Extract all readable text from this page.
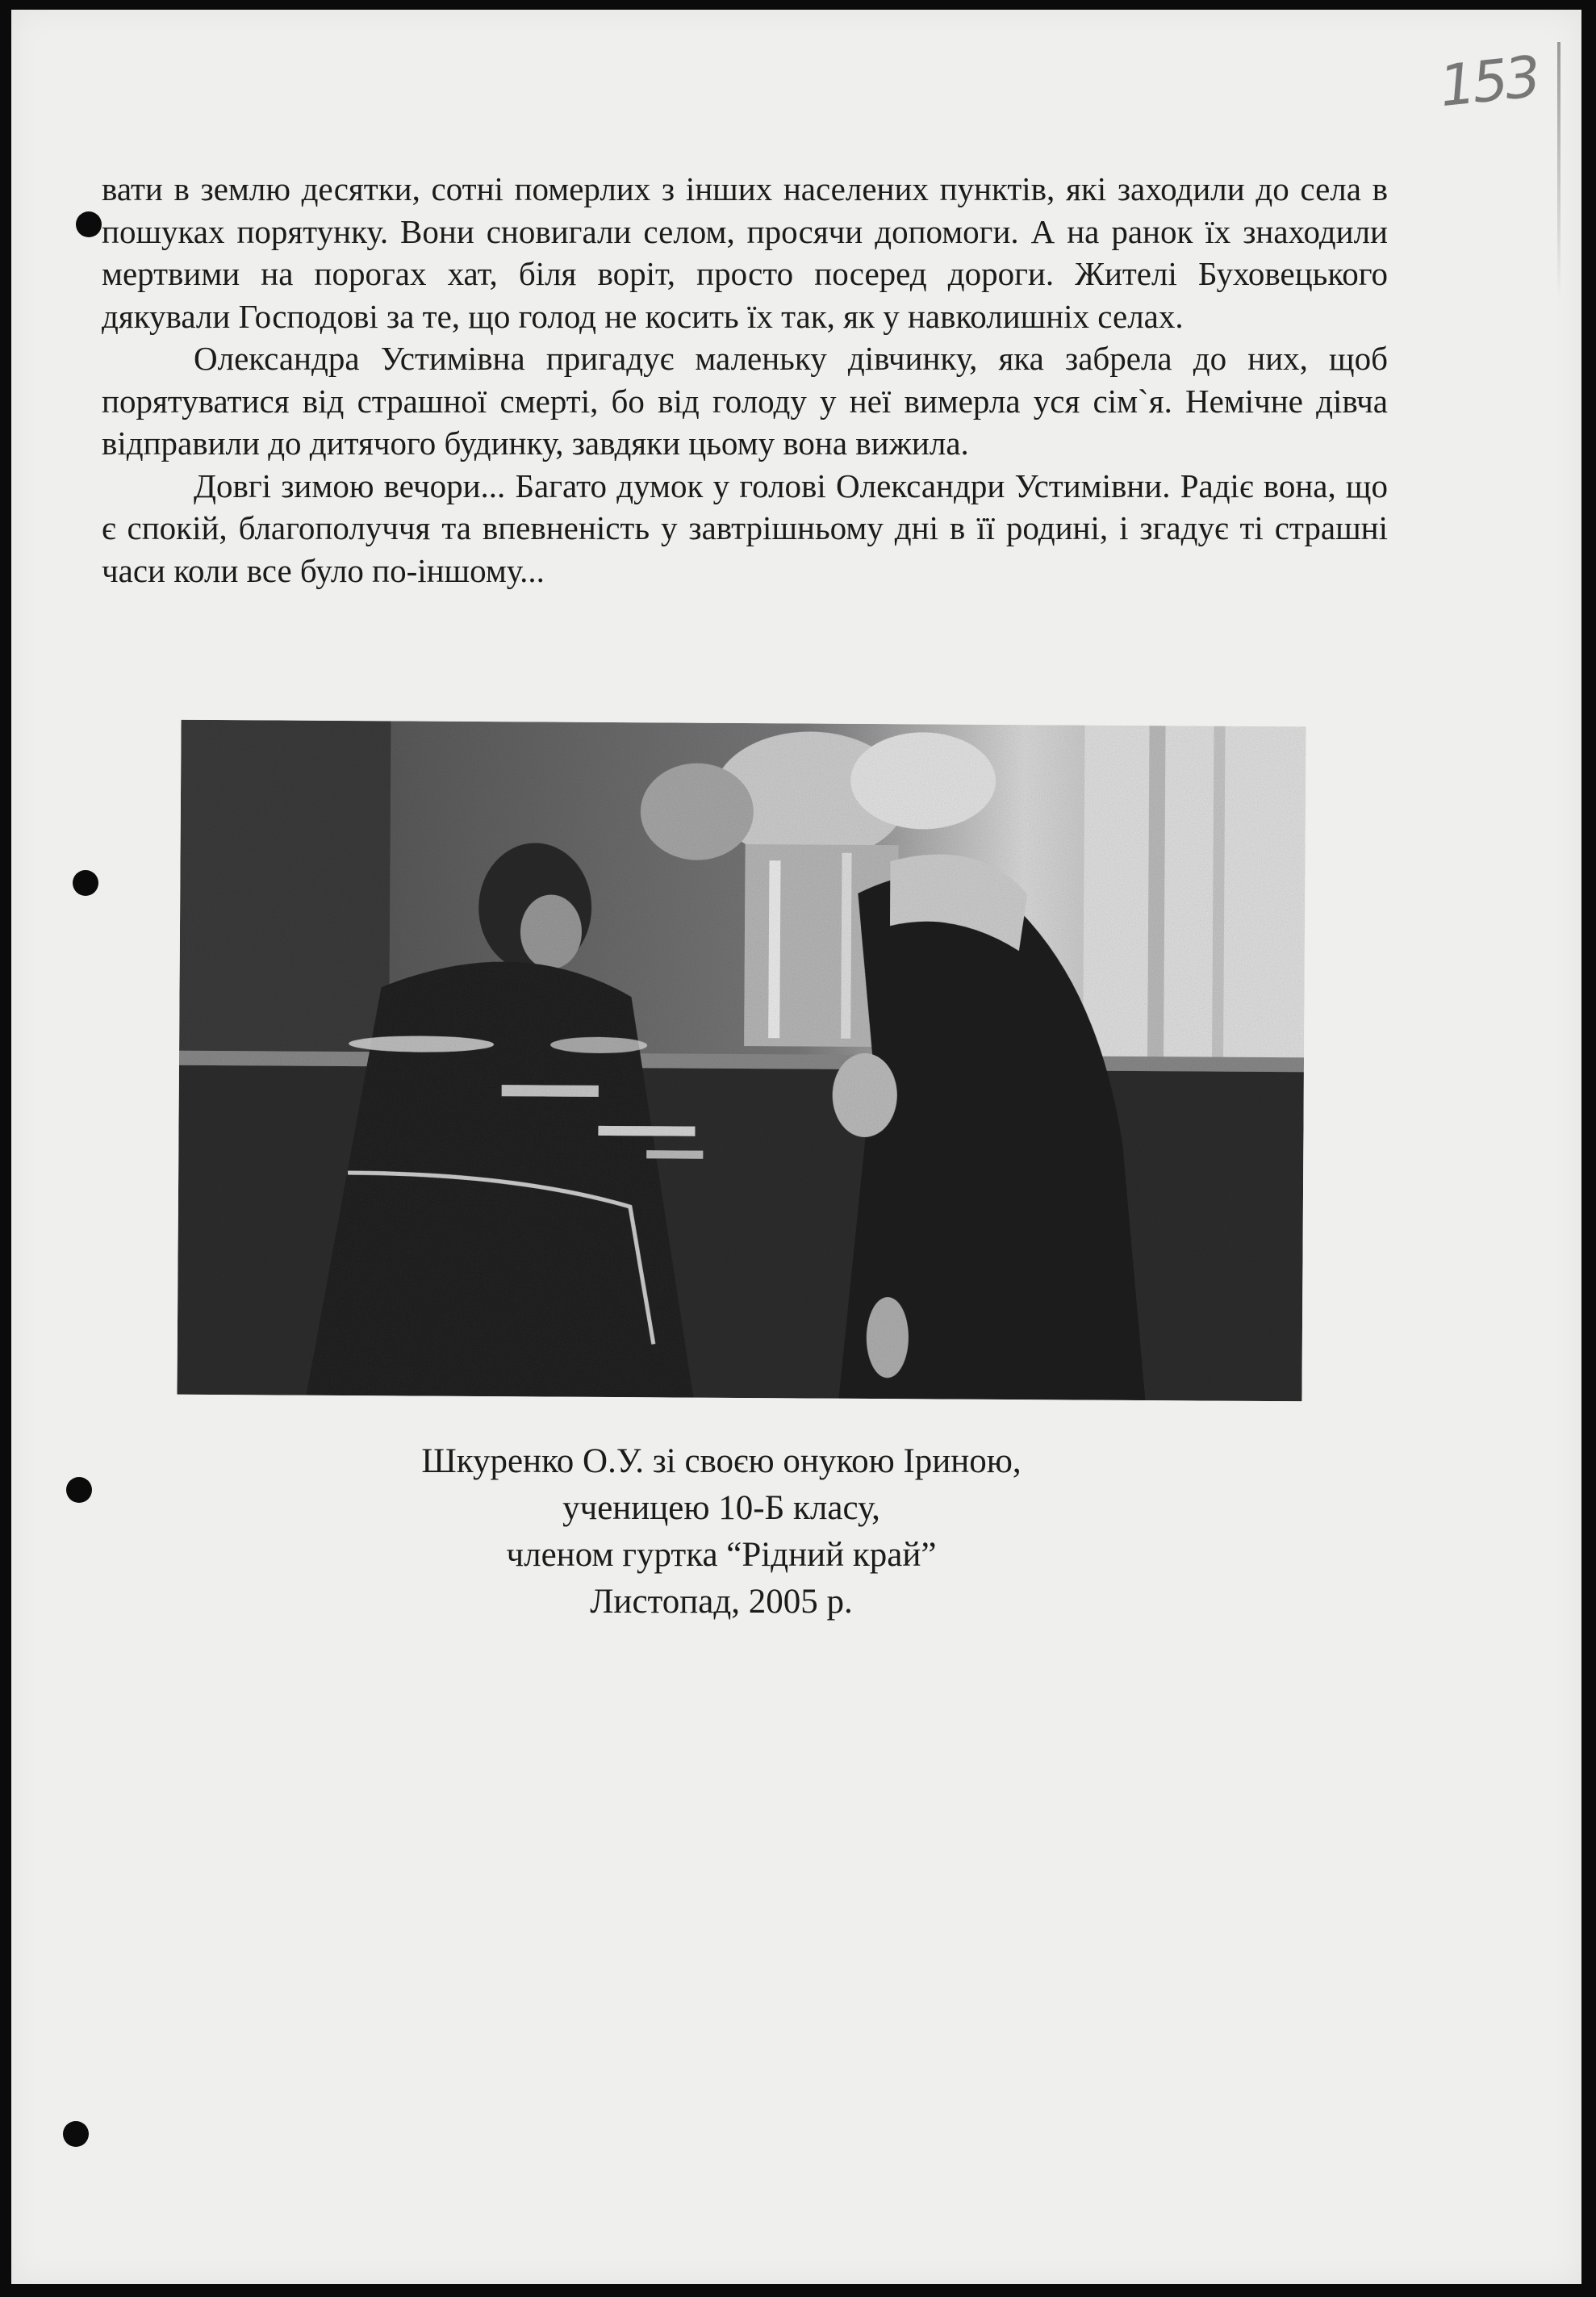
153

вати в землю десятки, сотні померлих з інших населених пунктів, які заходили до села в пошуках порятунку. Вони сновигали селом, просячи допомоги. А на ранок їх знаходили мертвими на порогах хат, біля воріт, просто посеред дороги. Жителі Буховецького дякували Господові за те, що голод не косить їх так, як у навколишніх селах.

Олександра Устимівна пригадує маленьку дівчинку, яка забрела до них, щоб порятуватися від страшної смерті, бо від голоду у неї вимерла уся сім`я. Немічне дівча відправили до дитячого будинку, завдяки цьому вона вижила.

Довгі зимою вечори... Багато думок у голові Олександри Устимівни. Радіє вона, що є спокій, благополуччя та впевненість у завтрішньому дні в її родині, і згадує ті страшні часи коли все було по-іншому...

Шкуренко О.У. зі своєю онукою Іриною,
ученицею 10-Б класу,
членом гуртка “Рідний край”
Листопад, 2005 р.
